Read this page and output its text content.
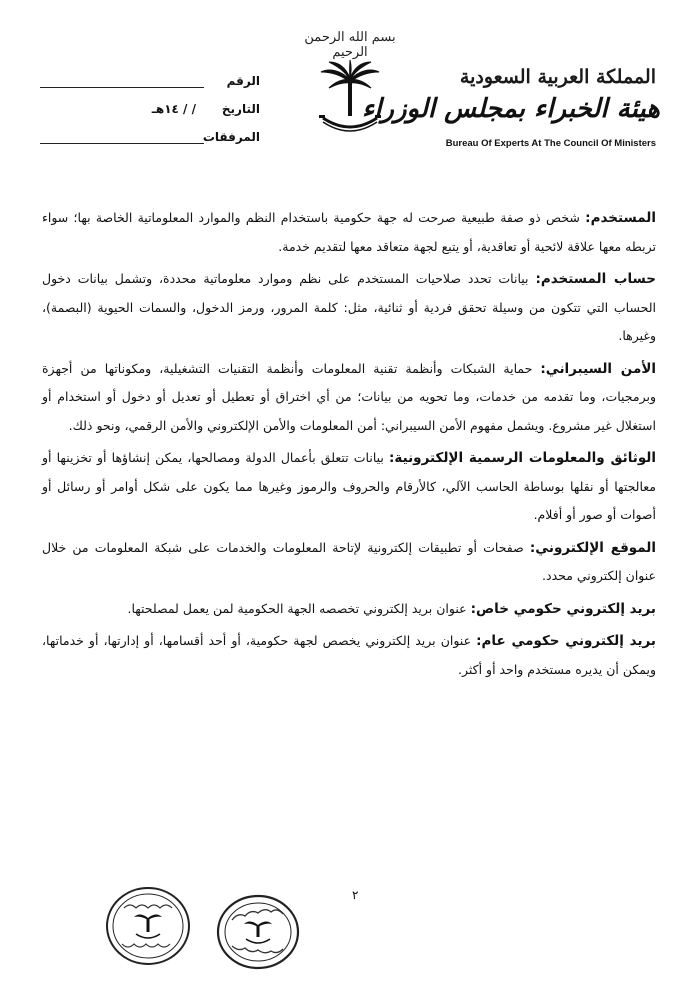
بسم الله الرحمن الرحيم
المملكة العربية السعودية
هيئة الخبراء بمجلس الوزراء
Bureau Of Experts At The Council Of Ministers
الرقم
التاريخ
/ / ١٤هـ
المرفقات

المستخدم: شخص ذو صفة طبيعية صرحت له جهة حكومية باستخدام النظم والموارد المعلوماتية الخاصة بها؛ سواء تربطه معها علاقة لائحية أو تعاقدية، أو يتبع لجهة متعاقد معها لتقديم خدمة.

حساب المستخدم: بيانات تحدد صلاحيات المستخدم على نظم وموارد معلوماتية محددة، وتشمل بيانات دخول الحساب التي تتكون من وسيلة تحقق فردية أو ثنائية، مثل: كلمة المرور، ورمز الدخول، والسمات الحيوية (البصمة)، وغيرها.

الأمن السيبراني: حماية الشبكات وأنظمة تقنية المعلومات وأنظمة التقنيات التشغيلية، ومكوناتها من أجهزة وبرمجيات، وما تقدمه من خدمات، وما تحويه من بيانات؛ من أي اختراق أو تعطيل أو تعديل أو دخول أو استخدام أو استغلال غير مشروع. ويشمل مفهوم الأمن السيبراني: أمن المعلومات والأمن الإلكتروني والأمن الرقمي، ونحو ذلك.

الوثائق والمعلومات الرسمية الإلكترونية: بيانات تتعلق بأعمال الدولة ومصالحها، يمكن إنشاؤها أو تخزينها أو معالجتها أو نقلها بوساطة الحاسب الآلي، كالأرقام والحروف والرموز وغيرها مما يكون على شكل أوامر أو رسائل أو أصوات أو صور أو أفلام.

الموقع الإلكتروني: صفحات أو تطبيقات إلكترونية لإتاحة المعلومات والخدمات على شبكة المعلومات من خلال عنوان إلكتروني محدد.

بريد إلكتروني حكومي خاص: عنوان بريد إلكتروني تخصصه الجهة الحكومية لمن يعمل لمصلحتها.

بريد إلكتروني حكومي عام: عنوان بريد إلكتروني يخصص لجهة حكومية، أو أحد أقسامها، أو إدارتها، أو خدماتها، ويمكن أن يديره مستخدم واحد أو أكثر.

٢
